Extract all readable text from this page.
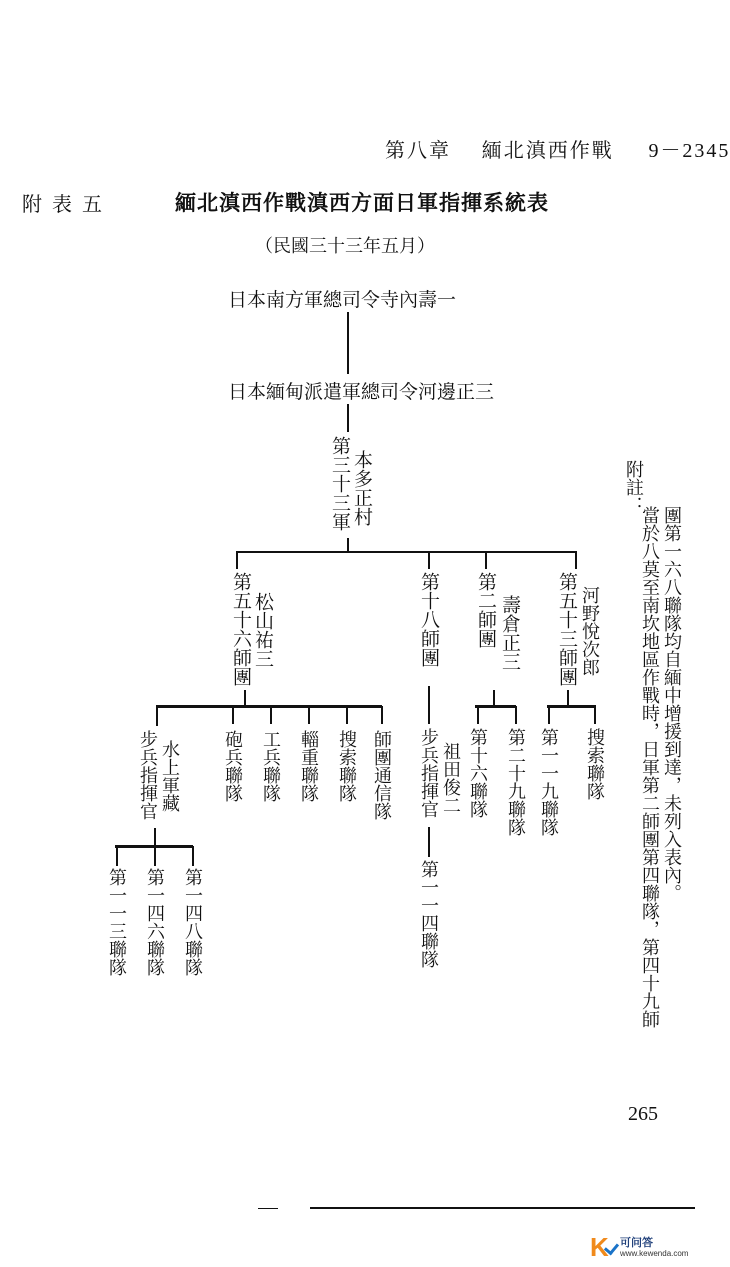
第八章 緬北滇西作戰 9－2345
附表五	緬北滇西作戰滇西方面日軍指揮系統表
（民國三十三年五月）
日本南方軍總司令寺內壽一
日本緬甸派遣軍總司令河邊正三
第三十三軍 本多正村
第五十六師團 松山祐三
步兵指揮官 水上軍藏 砲兵聯隊 工兵聯隊 輜重聯隊 搜索聯隊 師團通信隊
第一一三聯隊 第一四六聯隊 第一四八聯隊
第十八師團
步兵指揮官 祖田俊二
第一一四聯隊
第二師團 壽倉正三
第十六聯隊 第二十九聯隊
第五十三師團 河野悅次郎
第一一九聯隊 搜索聯隊
附註：
團第一六八聯隊均自緬中增援到達，未列入表內。
當於八莫至南坎地區作戰時，日軍第二師團第四聯隊，第四十九師
265
K	可问答
www.kewenda.com
